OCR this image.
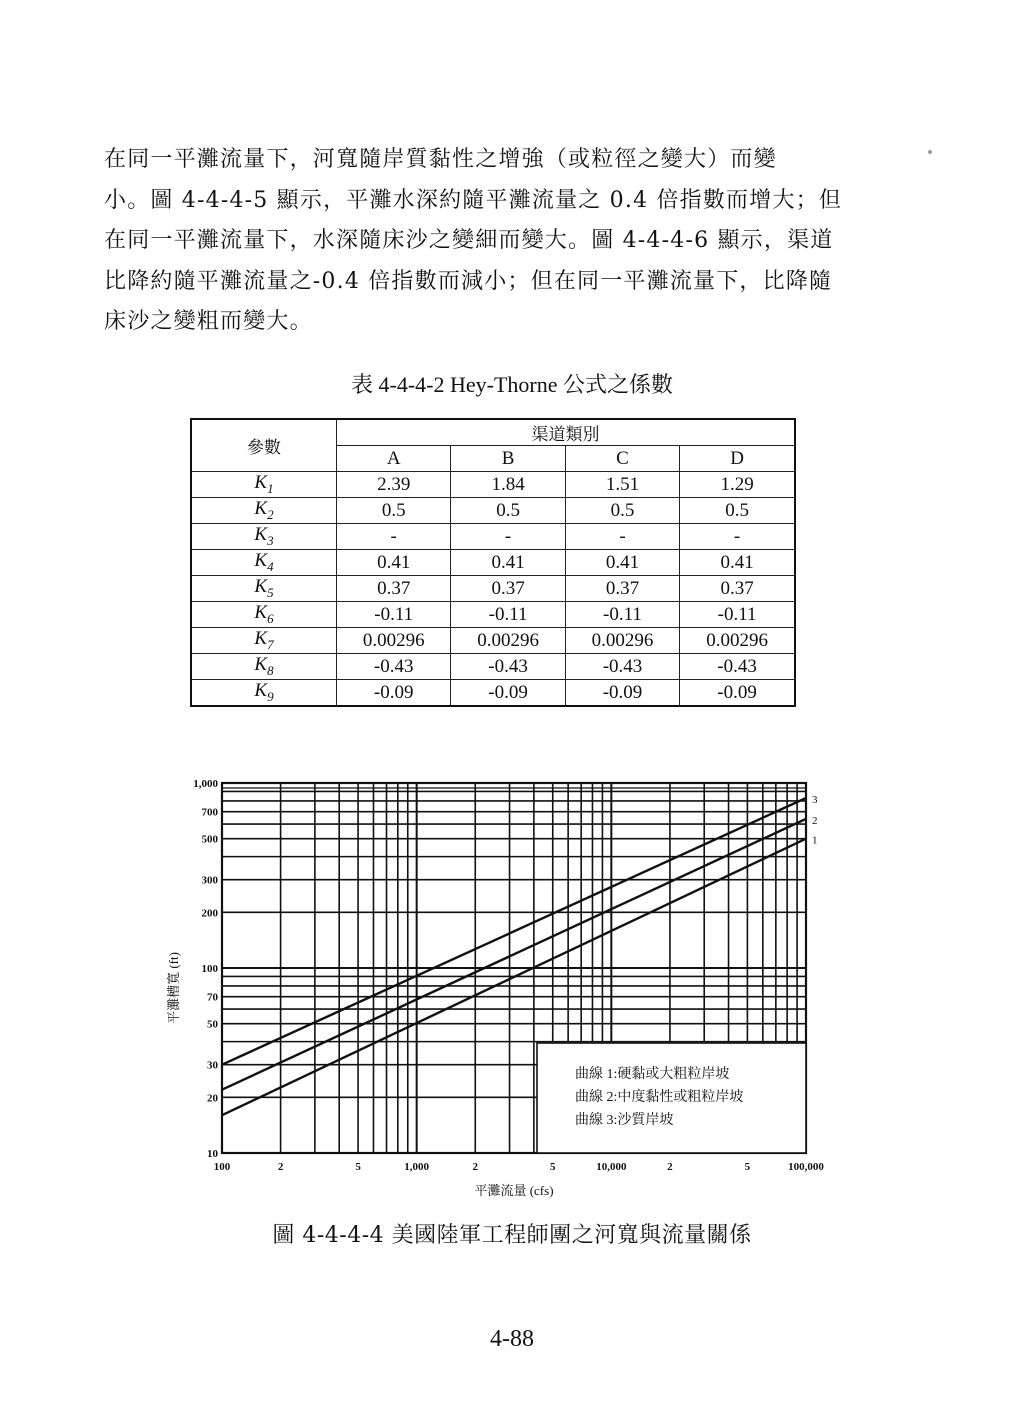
在同一平灘流量下，河寬隨岸質黏性之增強（或粒徑之變大）而變

小。圖 4-4-4-5 顯示，平灘水深約隨平灘流量之 0.4 倍指數而增大；但

在同一平灘流量下，水深隨床沙之變細而變大。圖 4-4-4-6 顯示，渠道

比降約隨平灘流量之-0.4 倍指數而減小；但在同一平灘流量下，比降隨

床沙之變粗而變大。

表 4-4-4-2 Hey-Thorne 公式之係數
參數	渠道類別			
	A	B	C	D
$K_1$	2.39	1.84	1.51	1.29
$K_2$	0.5	0.5	0.5	0.5
$K_3$	-	-	-	-
$K_4$	0.41	0.41	0.41	0.41
$K_5$	0.37	0.37	0.37	0.37
$K_6$	-0.11	-0.11	-0.11	-0.11
$K_7$	0.00296	0.00296	0.00296	0.00296
$K_8$	-0.43	-0.43	-0.43	-0.43
$K_9$	-0.09	-0.09	-0.09	-0.09
曲線 1:硬黏或大粗粒岸坡
曲線 2:中度黏性或粗粒岸坡
曲線 3:沙質岸坡
1
2
3
10
20
30
50
70
100
200
300
500
700
1,000
100	2	5	1,000	2	5	10,000	2	5	100,000
平灘流量 (cfs)
平灘槽寬 (ft)
圖 4-4-4-4 美國陸軍工程師團之河寬與流量關係
4-88
